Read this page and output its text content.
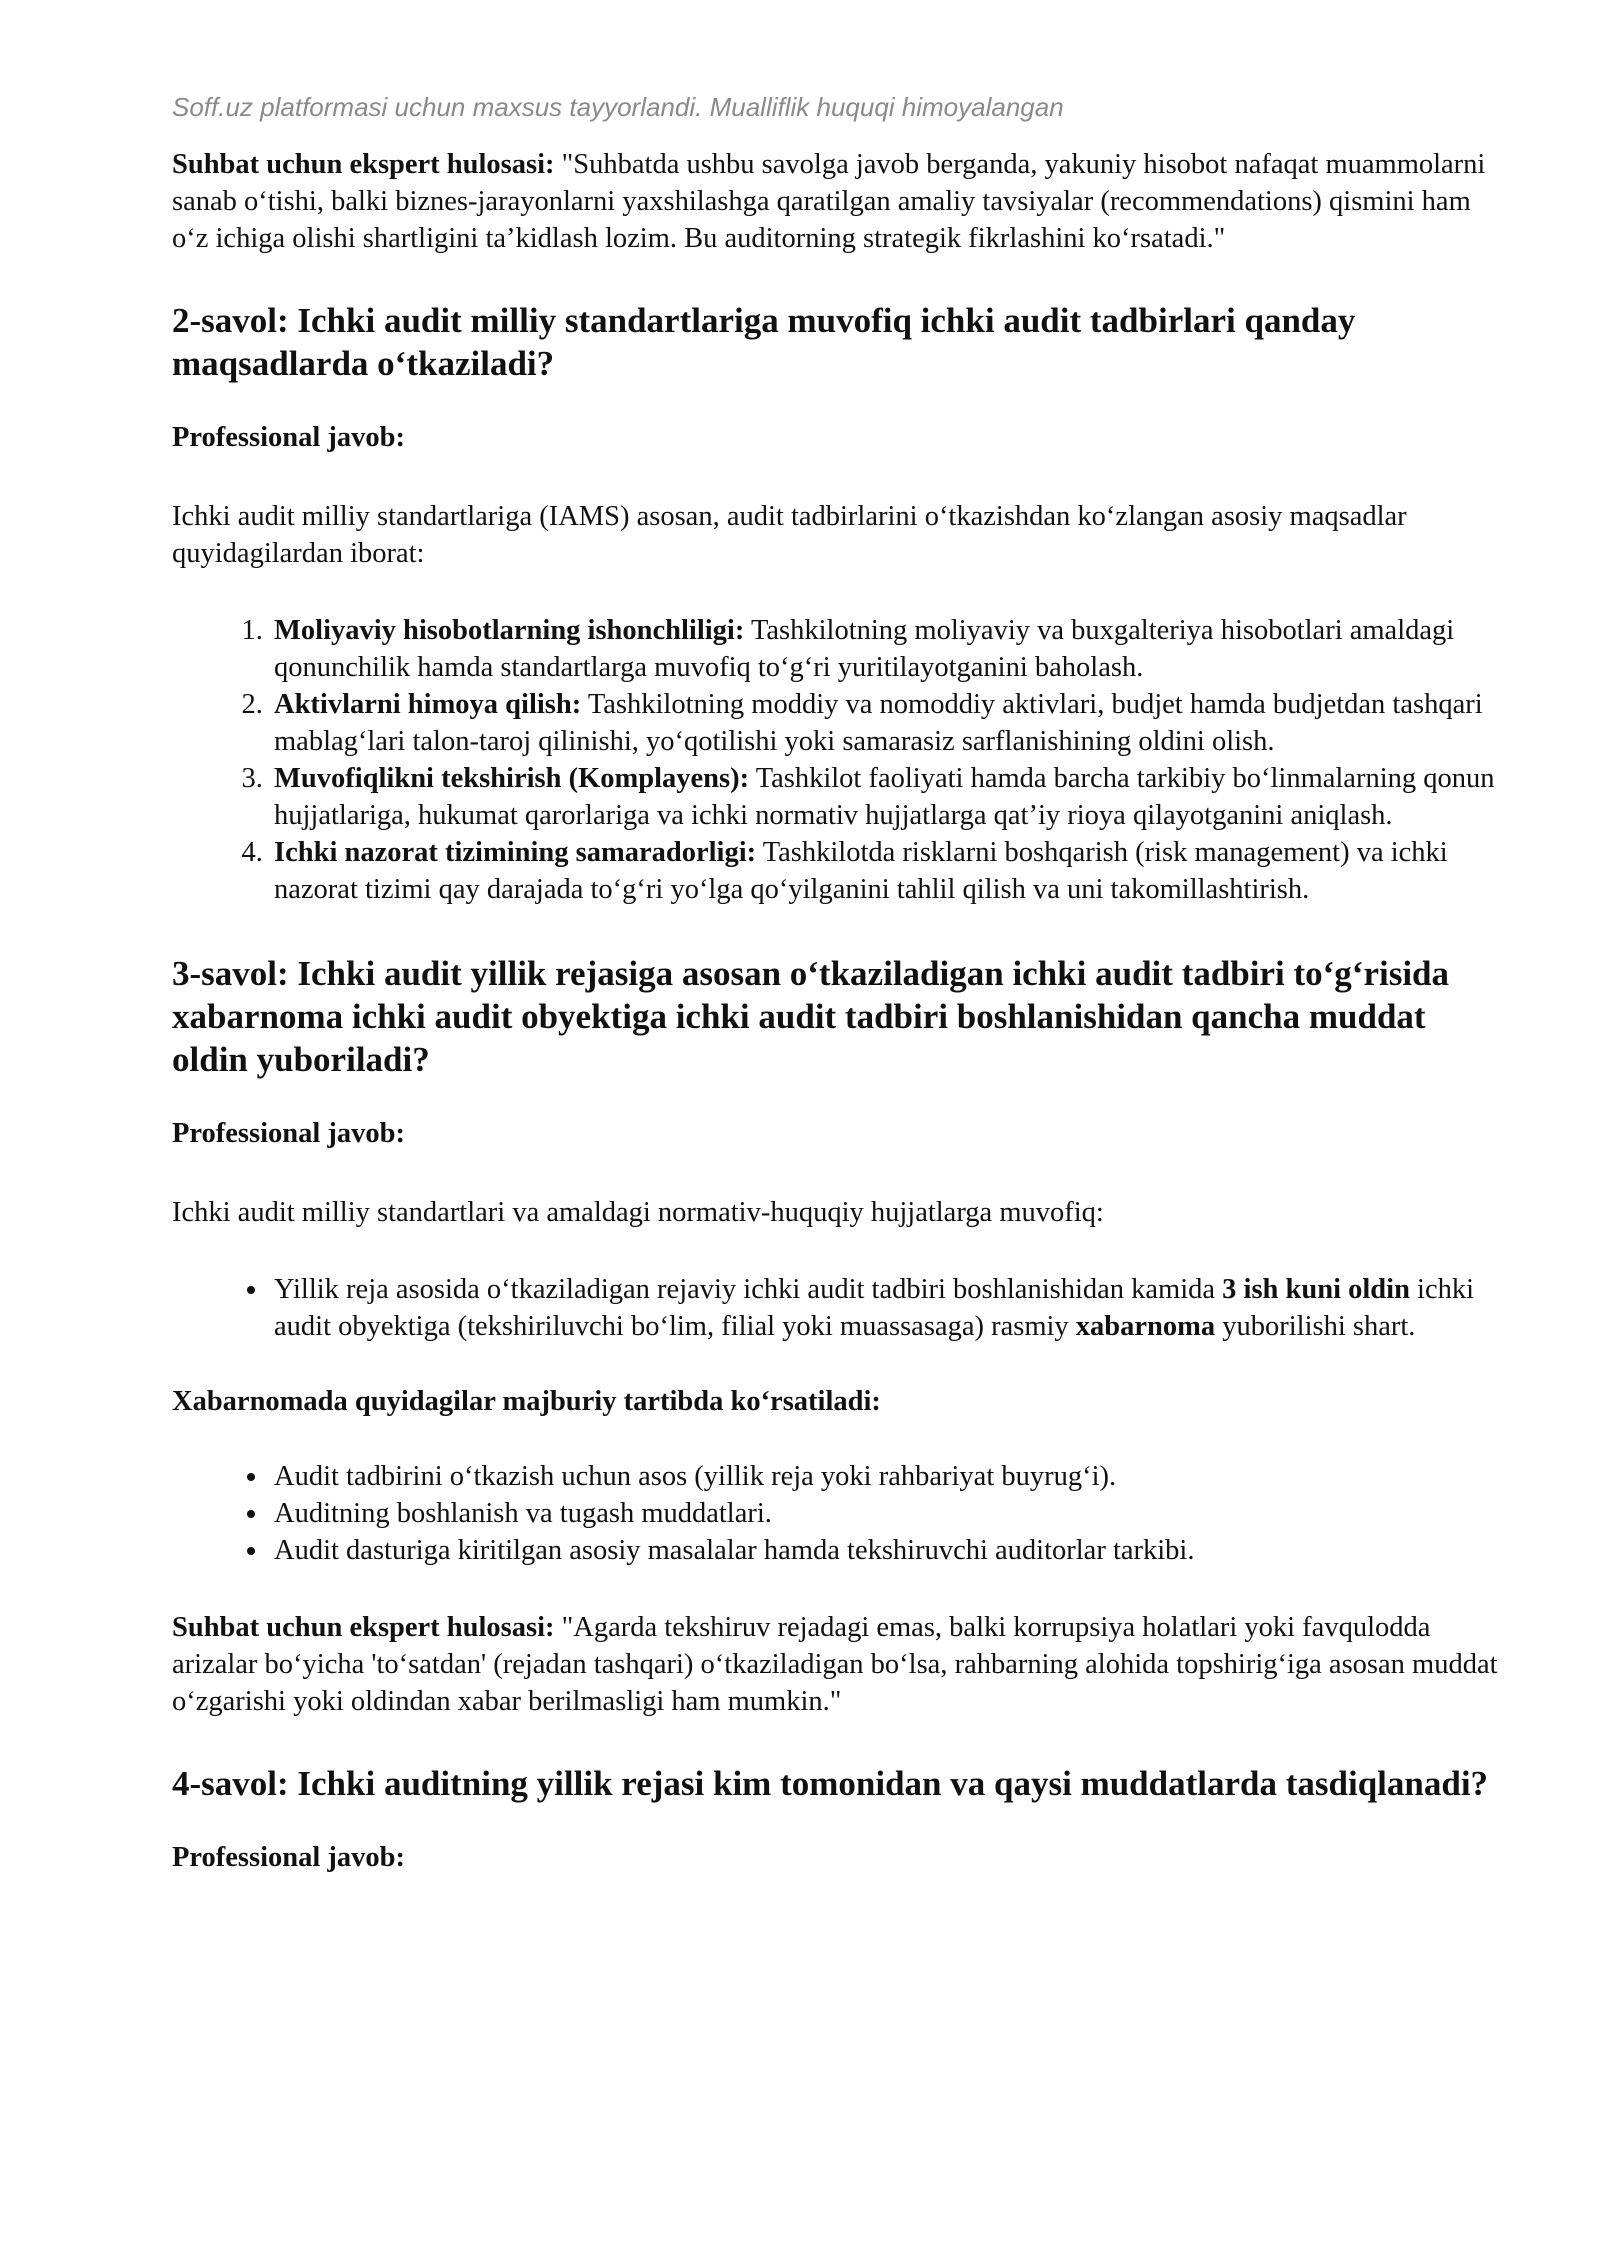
Soff.uz platformasi uchun maxsus tayyorlandi. Mualliflik huquqi himoyalangan

Suhbat uchun ekspert hulosasi: "Suhbatda ushbu savolga javob berganda, yakuniy hisobot nafaqat muammolarni sanab o‘tishi, balki biznes-jarayonlarni yaxshilashga qaratilgan amaliy tavsiyalar (recommendations) qismini ham o‘z ichiga olishi shartligini ta’kidlash lozim. Bu auditorning strategik fikrlashini ko‘rsatadi."

2-savol: Ichki audit milliy standartlariga muvofiq ichki audit tadbirlari qanday maqsadlarda o‘tkaziladi?

Professional javob:

Ichki audit milliy standartlariga (IAMS) asosan, audit tadbirlarini o‘tkazishdan ko‘zlangan asosiy maqsadlar quyidagilardan iborat:

1. Moliyaviy hisobotlarning ishonchliligi: Tashkilotning moliyaviy va buxgalteriya hisobotlari amaldagi qonunchilik hamda standartlarga muvofiq to‘g‘ri yuritilayotganini baholash.
2. Aktivlarni himoya qilish: Tashkilotning moddiy va nomoddiy aktivlari, budjet hamda budjetdan tashqari mablag‘lari talon-taroj qilinishi, yo‘qotilishi yoki samarasiz sarflanishining oldini olish.
3. Muvofiqlikni tekshirish (Komplayens): Tashkilot faoliyati hamda barcha tarkibiy bo‘linmalarning qonun hujjatlariga, hukumat qarorlariga va ichki normativ hujjatlarga qat’iy rioya qilayotganini aniqlash.
4. Ichki nazorat tizimining samaradorligi: Tashkilotda risklarni boshqarish (risk management) va ichki nazorat tizimi qay darajada to‘g‘ri yo‘lga qo‘yilganini tahlil qilish va uni takomillashtirish.
3-savol: Ichki audit yillik rejasiga asosan o‘tkaziladigan ichki audit tadbiri to‘g‘risida xabarnoma ichki audit obyektiga ichki audit tadbiri boshlanishidan qancha muddat oldin yuboriladi?

Professional javob:

Ichki audit milliy standartlari va amaldagi normativ-huquqiy hujjatlarga muvofiq:

• Yillik reja asosida o‘tkaziladigan rejaviy ichki audit tadbiri boshlanishidan kamida 3 ish kuni oldin ichki audit obyektiga (tekshiriluvchi bo‘lim, filial yoki muassasaga) rasmiy xabarnoma yuborilishi shart.

Xabarnomada quyidagilar majburiy tartibda ko‘rsatiladi:

• Audit tadbirini o‘tkazish uchun asos (yillik reja yoki rahbariyat buyrug‘i).
• Auditning boshlanish va tugash muddatlari.
• Audit dasturiga kiritilgan asosiy masalalar hamda tekshiruvchi auditorlar tarkibi.

Suhbat uchun ekspert hulosasi: "Agarda tekshiruv rejadagi emas, balki korrupsiya holatlari yoki favqulodda arizalar bo‘yicha 'to‘satdan' (rejadan tashqari) o‘tkaziladigan bo‘lsa, rahbarning alohida topshirig‘iga asosan muddat o‘zgarishi yoki oldindan xabar berilmasligi ham mumkin."

4-savol: Ichki auditning yillik rejasi kim tomonidan va qaysi muddatlarda tasdiqlanadi?

Professional javob:
